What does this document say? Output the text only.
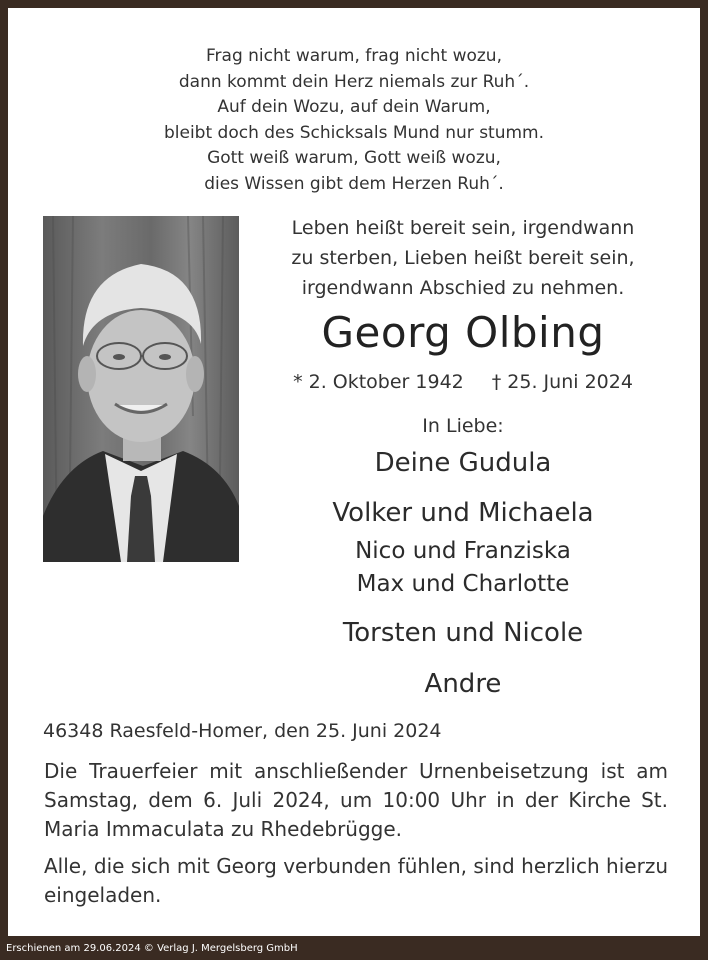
Frag nicht warum, frag nicht wozu,
dann kommt dein Herz niemals zur Ruh´.
Auf dein Wozu, auf dein Warum,
bleibt doch des Schicksals Mund nur stumm.
Gott weiß warum, Gott weiß wozu,
dies Wissen gibt dem Herzen Ruh´.
Leben heißt bereit sein, irgendwann
zu sterben, Lieben heißt bereit sein,
irgendwann Abschied zu nehmen.
Georg Olbing
* 2. Oktober 1942 † 25. Juni 2024
In Liebe:
Deine Gudula
Volker und Michaela
Nico und Franziska
Max und Charlotte
Torsten und Nicole
Andre
46348 Raesfeld-Homer, den 25. Juni 2024
Die Trauerfeier mit anschließender Urnenbeisetzung ist am Samstag, dem 6. Juli 2024, um 10:00 Uhr in der Kirche St. Maria Immaculata zu Rhedebrügge.
Alle, die sich mit Georg verbunden fühlen, sind herzlich hierzu eingeladen.
Erschienen am 29.06.2024 © Verlag J. Mergelsberg GmbH
